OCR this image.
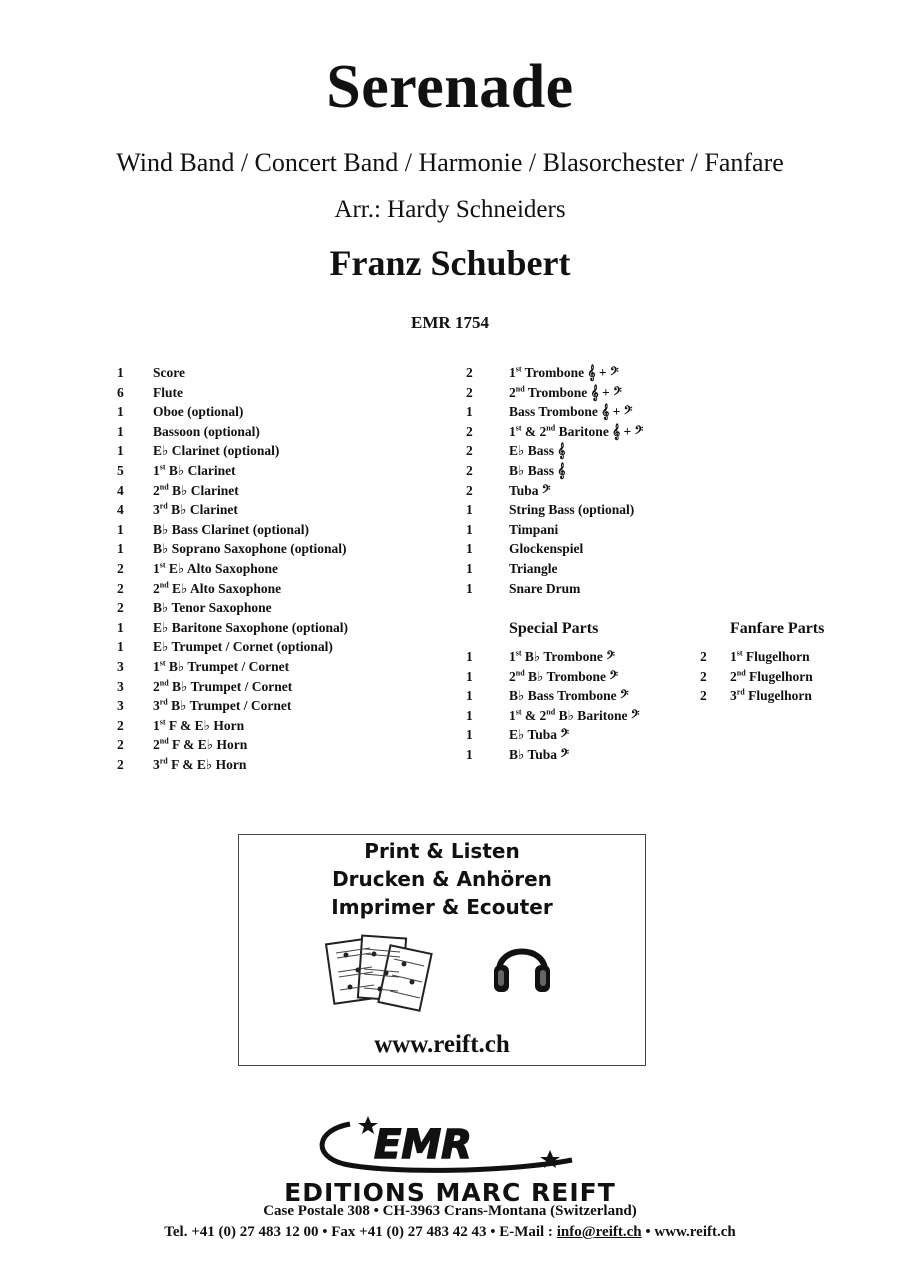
Serenade
Wind Band / Concert Band / Harmonie / Blasorchester / Fanfare
Arr.: Hardy Schneiders
Franz Schubert
EMR 1754
1	Score
6	Flute
1	Oboe (optional)
1	Bassoon (optional)
1	E♭ Clarinet (optional)
5	1st B♭ Clarinet
4	2nd B♭ Clarinet
4	3rd B♭ Clarinet
1	B♭ Bass Clarinet (optional)
1	B♭ Soprano Saxophone (optional)
2	1st E♭ Alto Saxophone
2	2nd E♭ Alto Saxophone
2	B♭ Tenor Saxophone
1	E♭ Baritone Saxophone (optional)
1	E♭ Trumpet / Cornet (optional)
3	1st B♭ Trumpet / Cornet
3	2nd B♭ Trumpet / Cornet
3	3rd B♭ Trumpet / Cornet
2	1st F & E♭ Horn
2	2nd F & E♭ Horn
2	3rd F & E♭ Horn
2	1st Trombone 𝄞 + 𝄢
2	2nd Trombone 𝄞 + 𝄢
1	Bass Trombone 𝄞 + 𝄢
2	1st & 2nd Baritone 𝄞 + 𝄢
2	E♭ Bass 𝄞
2	B♭ Bass 𝄞
2	Tuba 𝄢
1	String Bass (optional)
1	Timpani
1	Glockenspiel
1	Triangle
1	Snare Drum
Special Parts
1	1st B♭ Trombone 𝄢
1	2nd B♭ Trombone 𝄢
1	B♭ Bass Trombone 𝄢
1	1st & 2nd B♭ Baritone 𝄢
1	E♭ Tuba 𝄢
1	B♭ Tuba 𝄢
Fanfare Parts
2	1st Flugelhorn
2	2nd Flugelhorn
2	3rd Flugelhorn
Print & Listen
Drucken & Anhören
Imprimer & Ecouter
www.reift.ch
EMR
EDITIONS MARC REIFT
Case Postale 308 • CH-3963 Crans-Montana (Switzerland)
Tel. +41 (0) 27 483 12 00 • Fax +41 (0) 27 483 42 43 • E-Mail : info@reift.ch • www.reift.ch
